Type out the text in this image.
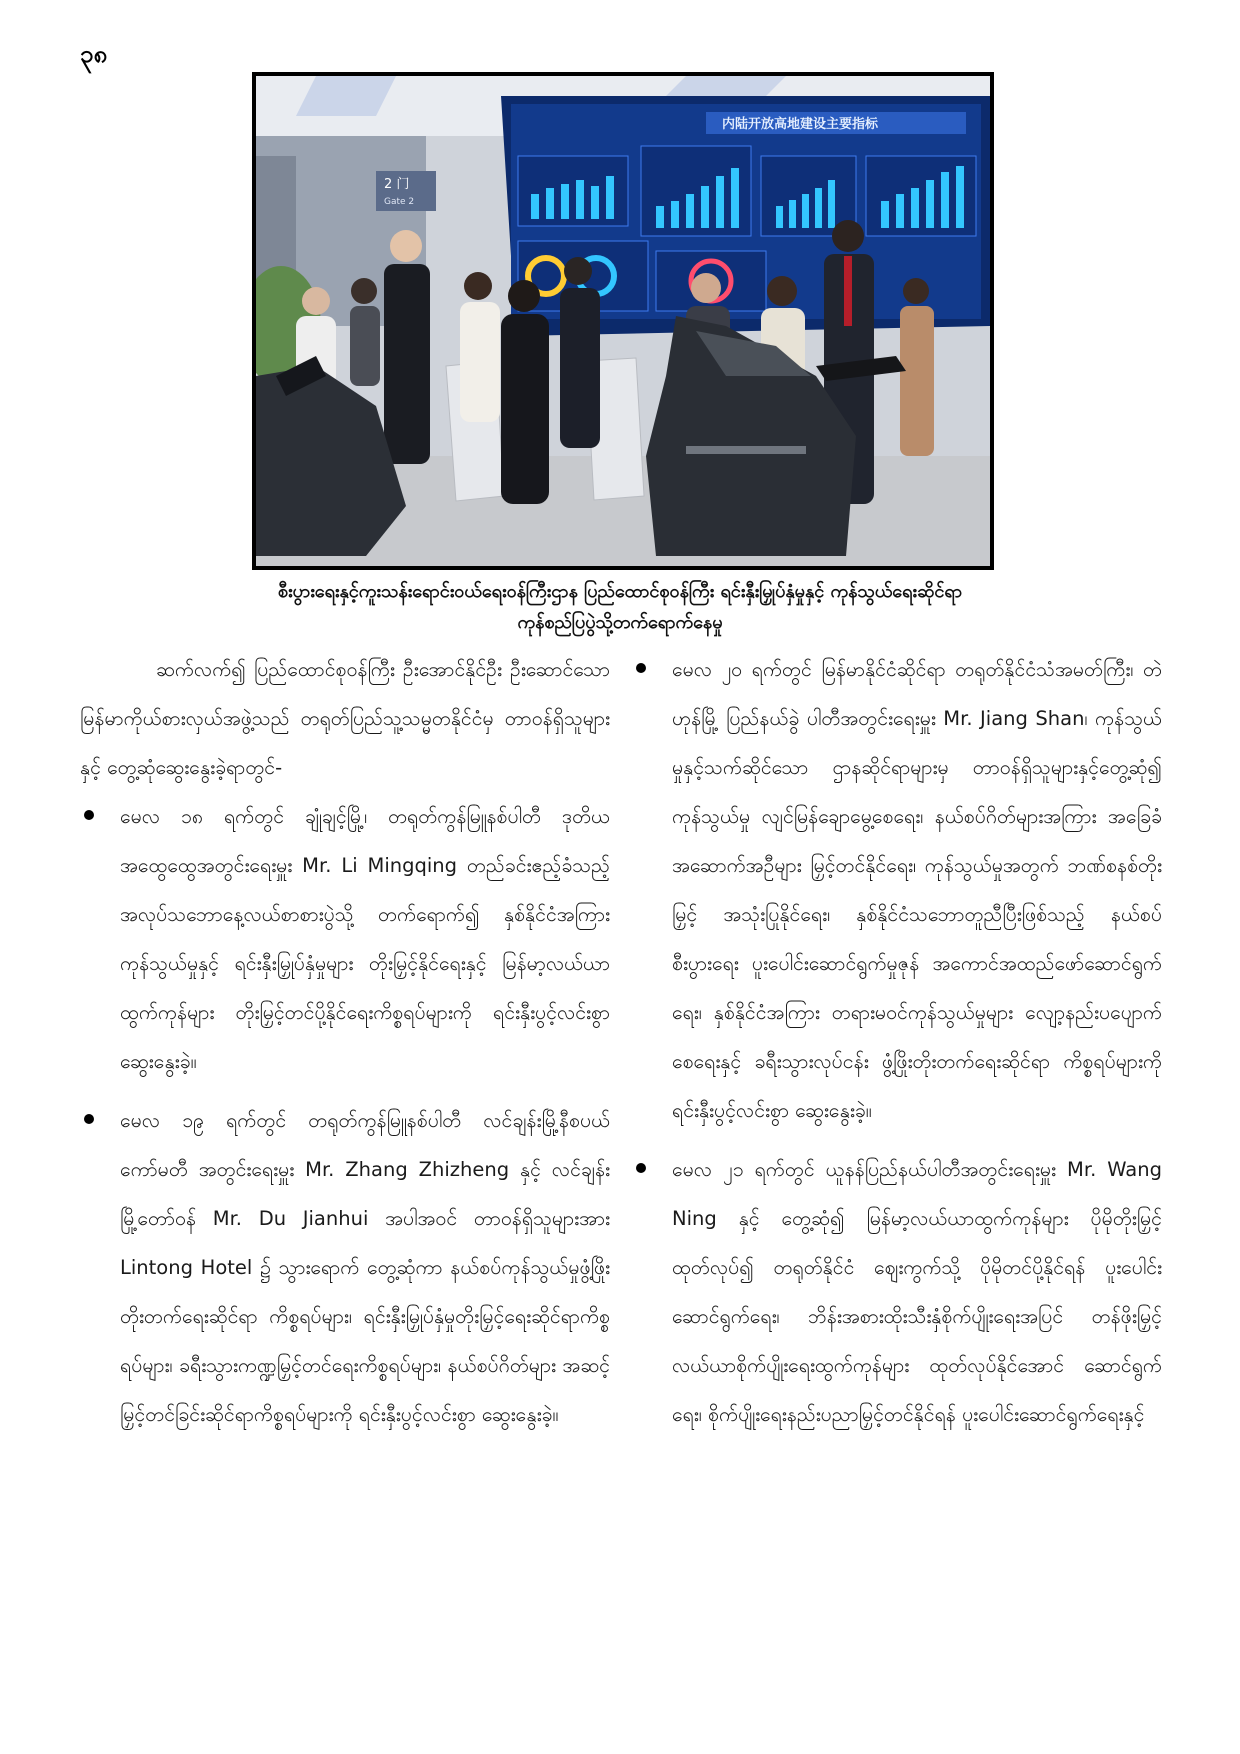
၃၈
2 门
Gate 2
内陆开放高地建设主要指标
စီးပွားရေးနှင့်ကူးသန်းရောင်းဝယ်ရေးဝန်ကြီးဌာန ပြည်ထောင်စုဝန်ကြီး ရင်းနှီးမြှုပ်နှံမှုနှင့် ကုန်သွယ်ရေးဆိုင်ရာ
ကုန်စည်ပြပွဲသို့တက်ရောက်နေမှု

ဆက်လက်၍ ပြည်ထောင်စုဝန်ကြီး ဦးအောင်နိုင်ဦး ဦးဆောင်သော မြန်မာကိုယ်စားလှယ်အဖွဲ့သည် တရုတ်ပြည်သူ့သမ္မတနိုင်ငံမှ တာဝန်ရှိသူများနှင့် တွေ့ဆုံဆွေးနွေးခဲ့ရာတွင်-

မေလ ၁၈ ရက်တွင် ချုံချင့်မြို့၊ တရုတ်ကွန်မြူနစ်ပါတီ ဒုတိယအထွေထွေအတွင်းရေးမှူး Mr. Li Mingqing တည်ခင်းဧည့်ခံသည့် အလုပ်သဘောနေ့လယ်စာစားပွဲသို့ တက်ရောက်၍ နှစ်နိုင်ငံအကြား ကုန်သွယ်မှုနှင့် ရင်းနှီးမြှုပ်နှံမှုများ တိုးမြှင့်နိုင်ရေးနှင့် မြန်မာ့လယ်ယာထွက်ကုန်များ တိုးမြှင့်တင်ပို့နိုင်ရေးကိစ္စရပ်များကို ရင်းနှီးပွင့်လင်းစွာ ဆွေးနွေးခဲ့။
မေလ ၁၉ ရက်တွင် တရုတ်ကွန်မြူနစ်ပါတီ လင်ချန်းမြို့နီစပယ်ကော်မတီ အတွင်းရေးမှူး Mr. Zhang Zhizheng နှင့် လင်ချန်းမြို့တော်ဝန် Mr. Du Jianhui အပါအဝင် တာဝန်ရှိသူများအား Lintong Hotel ၌ သွားရောက် တွေ့ဆုံကာ နယ်စပ်ကုန်သွယ်မှုဖွံ့ဖြိုးတိုးတက်ရေးဆိုင်ရာ ကိစ္စရပ်များ၊ ရင်းနှီးမြှုပ်နှံမှုတိုးမြှင့်ရေးဆိုင်ရာကိစ္စရပ်များ၊ ခရီးသွားကဏ္ဍမြှင့်တင်ရေးကိစ္စရပ်များ၊ နယ်စပ်ဂိတ်များ အဆင့်မြှင့်တင်ခြင်းဆိုင်ရာကိစ္စရပ်များကို ရင်းနှီးပွင့်လင်းစွာ ဆွေးနွေးခဲ့။
မေလ ၂၀ ရက်တွင် မြန်မာနိုင်ငံဆိုင်ရာ တရုတ်နိုင်ငံသံအမတ်ကြီး၊ တဲဟုန်မြို့ ပြည်နယ်ခွဲ ပါတီအတွင်းရေးမှူး Mr. Jiang Shan၊ ကုန်သွယ်မှုနှင့်သက်ဆိုင်သော ဌာနဆိုင်ရာများမှ တာဝန်ရှိသူများနှင့်တွေ့ဆုံ၍ ကုန်သွယ်မှု လျင်မြန်ချောမွေ့စေရေး၊ နယ်စပ်ဂိတ်များအကြား အခြေခံအဆောက်အဦများ မြှင့်တင်နိုင်ရေး၊ ကုန်သွယ်မှုအတွက် ဘဏ်စနစ်တိုးမြှင့် အသုံးပြုနိုင်ရေး၊ နှစ်နိုင်ငံသဘောတူညီပြီးဖြစ်သည့် နယ်စပ်စီးပွားရေး ပူးပေါင်းဆောင်ရွက်မှုဇုန် အကောင်အထည်ဖော်ဆောင်ရွက်ရေး၊ နှစ်နိုင်ငံအကြား တရားမဝင်ကုန်သွယ်မှုများ လျော့နည်းပပျောက်စေရေးနှင့် ခရီးသွားလုပ်ငန်း ဖွံ့ဖြိုးတိုးတက်ရေးဆိုင်ရာ ကိစ္စရပ်များကို ရင်းနှီးပွင့်လင်းစွာ ဆွေးနွေးခဲ့။
မေလ ၂၁ ရက်တွင် ယူနန်ပြည်နယ်ပါတီအတွင်းရေးမှူး Mr. Wang Ning နှင့် တွေ့ဆုံ၍ မြန်မာ့လယ်ယာထွက်ကုန်များ ပိုမိုတိုးမြှင့်ထုတ်လုပ်၍ တရုတ်နိုင်ငံ ဈေးကွက်သို့ ပိုမိုတင်ပို့နိုင်ရန် ပူးပေါင်းဆောင်ရွက်ရေး၊ ဘိန်းအစားထိုးသီးနှံစိုက်ပျိုးရေးအပြင် တန်ဖိုးမြှင့်လယ်ယာစိုက်ပျိုးရေးထွက်ကုန်များ ထုတ်လုပ်နိုင်အောင် ဆောင်ရွက်ရေး၊ စိုက်ပျိုးရေးနည်းပညာမြှင့်တင်နိုင်ရန် ပူးပေါင်းဆောင်ရွက်ရေးနှင့်
